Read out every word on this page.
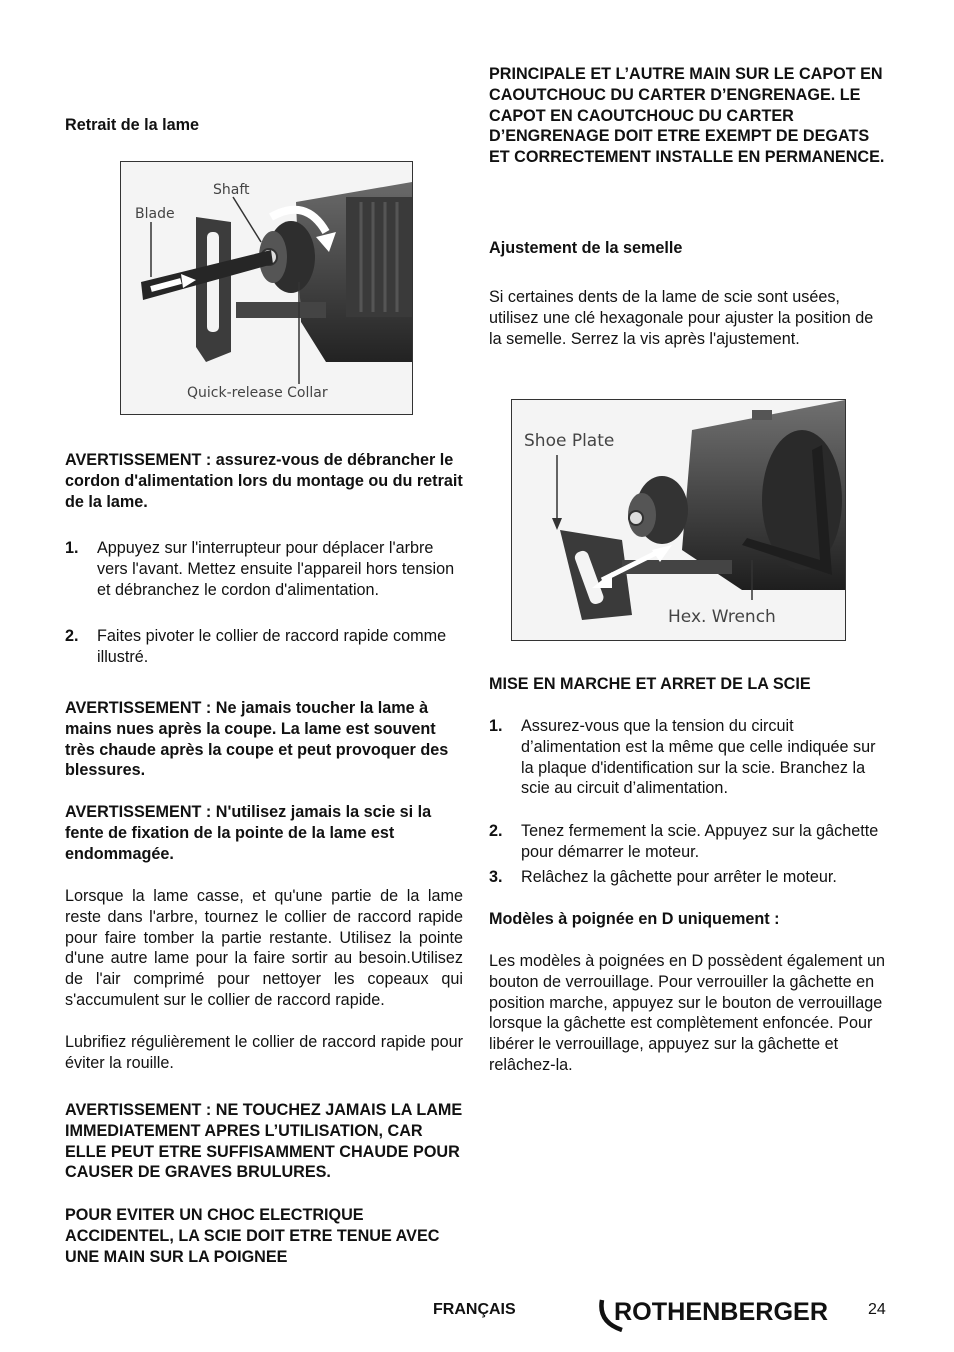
Retrait de la lame

Shaft
Blade
Quick-release Collar

AVERTISSEMENT : assurez-vous de débrancher le cordon d'alimentation lors du montage ou du retrait de la lame.

1. Appuyez sur l'interrupteur pour déplacer l'arbre vers l'avant. Mettez ensuite l'appareil hors tension et débranchez le cordon d'alimentation.
2. Faites pivoter le collier de raccord rapide comme illustré.

AVERTISSEMENT : Ne jamais toucher la lame à mains nues après la coupe. La lame est souvent très chaude après la coupe et peut provoquer des blessures.

AVERTISSEMENT : N'utilisez jamais la scie si la fente de fixation de la pointe de la lame est endommagée.

Lorsque la lame casse, et qu'une partie de la lame reste dans l'arbre, tournez le collier de raccord rapide pour faire tomber la partie restante. Utilisez la pointe d'une autre lame pour la faire sortir au besoin.Utilisez de l'air comprimé pour nettoyer les copeaux qui s'accumulent sur le collier de raccord rapide.

Lubrifiez régulièrement le collier de raccord rapide pour éviter la rouille.

AVERTISSEMENT : NE TOUCHEZ JAMAIS LA LAME IMMEDIATEMENT APRES L’UTILISATION, CAR ELLE PEUT ETRE SUFFISAMMENT CHAUDE POUR CAUSER DE GRAVES BRULURES.

POUR EVITER UN CHOC ELECTRIQUE ACCIDENTEL, LA SCIE DOIT ETRE TENUE AVEC UNE MAIN SUR LA POIGNEE

PRINCIPALE ET L’AUTRE MAIN SUR LE CAPOT EN CAOUTCHOUC DU CARTER D’ENGRENAGE. LE CAPOT EN CAOUTCHOUC DU CARTER D’ENGRENAGE DOIT ETRE EXEMPT DE DEGATS ET CORRECTEMENT INSTALLE EN PERMANENCE.

Ajustement de la semelle

Si certaines dents de la lame de scie sont usées, utilisez une clé hexagonale pour ajuster la position de la semelle. Serrez la vis après l'ajustement.

Shoe Plate
Hex. Wrench

MISE EN MARCHE ET ARRET DE LA SCIE

1. Assurez-vous que la tension du circuit d’alimentation est la même que celle indiquée sur la plaque d'identification sur la scie. Branchez la scie au circuit d’alimentation.
2. Tenez fermement la scie. Appuyez sur la gâchette pour démarrer le moteur.
3. Relâchez la gâchette pour arrêter le moteur.

Modèles à poignée en D uniquement :

Les modèles à poignées en D possèdent également un bouton de verrouillage. Pour verrouiller la gâchette en position marche, appuyez sur le bouton de verrouillage lorsque la gâchette est complètement enfoncée. Pour libérer le verrouillage, appuyez sur la gâchette et relâchez-la.

FRANÇAIS	ROTHENBERGER	24
